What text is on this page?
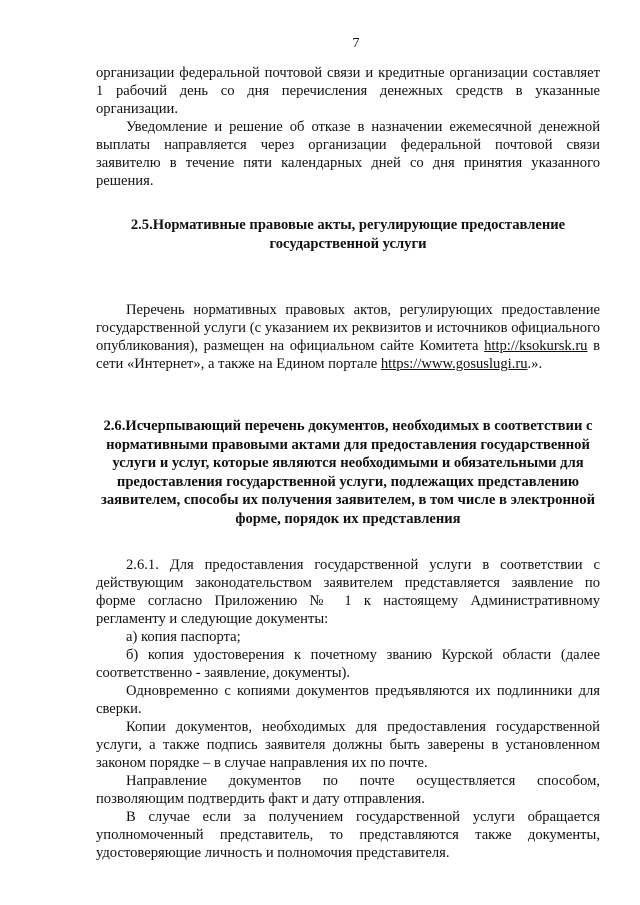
7

организации федеральной почтовой связи и кредитные организации составляет 1 рабочий день со дня перечисления денежных средств в указанные организации.

Уведомление и решение об отказе в назначении ежемесячной денежной выплаты направляется через организации федеральной почтовой связи заявителю в течение пяти календарных дней со дня принятия указанного решения.

2.5.Нормативные правовые акты, регулирующие предоставление государственной услуги

Перечень нормативных правовых актов, регулирующих предоставление государственной услуги (с указанием их реквизитов и источников официального опубликования), размещен на официальном сайте Комитета http://ksokursk.ru в сети «Интернет», а также на Едином портале https://www.gosuslugi.ru.».

2.6.Исчерпывающий перечень документов, необходимых в соответствии с нормативными правовыми актами для предоставления государственной услуги и услуг, которые являются необходимыми и обязательными для предоставления государственной услуги, подлежащих представлению заявителем, способы их получения заявителем, в том числе в электронной форме, порядок их представления

2.6.1. Для предоставления государственной услуги в соответствии с действующим законодательством заявителем представляется заявление по форме согласно Приложению № 1 к настоящему Административному регламенту и следующие документы:

а) копия паспорта;

б) копия удостоверения к почетному званию Курской области (далее соответственно - заявление, документы).

Одновременно с копиями документов предъявляются их подлинники для сверки.

Копии документов, необходимых для предоставления государственной услуги, а также подпись заявителя должны быть заверены в установленном законом порядке – в случае направления их по почте.

Направление документов по почте осуществляется способом, позволяющим подтвердить факт и дату отправления.

В случае если за получением государственной услуги обращается уполномоченный представитель, то представляются также документы, удостоверяющие личность и полномочия представителя.
